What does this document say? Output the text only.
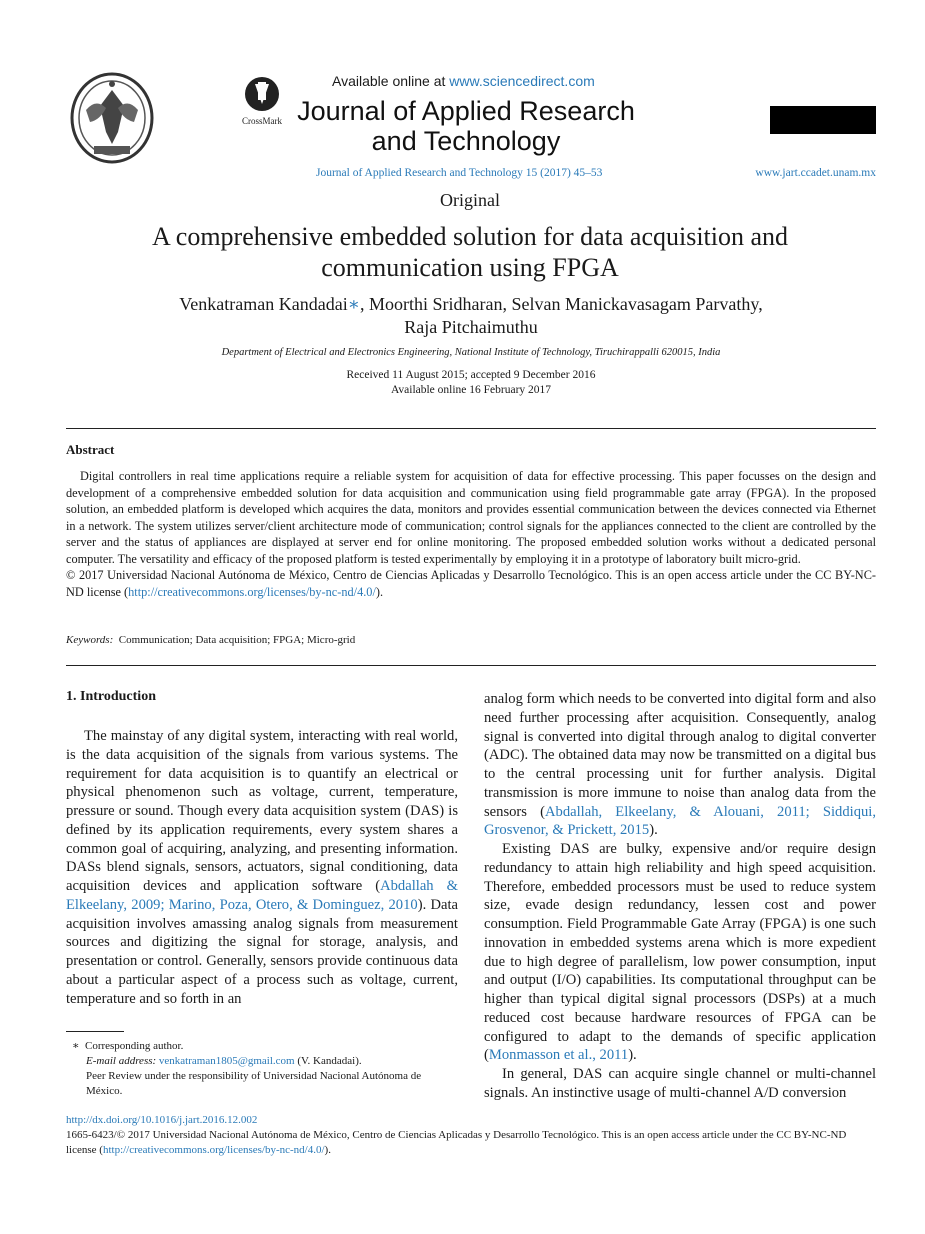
CrossMark
Available online at www.sciencedirect.com
Journal of Applied Research
and Technology
Journal of Applied Research and Technology 15 (2017) 45–53	www.jart.ccadet.unam.mx
Original
A comprehensive embedded solution for data acquisition and
communication using FPGA
Venkatraman Kandadai∗, Moorthi Sridharan, Selvan Manickavasagam Parvathy,
Raja Pitchaimuthu
Department of Electrical and Electronics Engineering, National Institute of Technology, Tiruchirappalli 620015, India
Received 11 August 2015; accepted 9 December 2016
Available online 16 February 2017
Abstract

Digital controllers in real time applications require a reliable system for acquisition of data for effective processing. This paper focusses on the design and development of a comprehensive embedded solution for data acquisition and communication using field programmable gate array (FPGA). In the proposed solution, an embedded platform is developed which acquires the data, monitors and provides essential communication between the devices connected via Ethernet in a network. The system utilizes server/client architecture mode of communication; control signals for the appliances connected to the client are controlled by the server and the status of appliances are displayed at server end for online monitoring. The proposed embedded solution works without a dedicated personal computer. The versatility and efficacy of the proposed platform is tested experimentally by employing it in a prototype of laboratory built micro-grid.

© 2017 Universidad Nacional Autónoma de México, Centro de Ciencias Aplicadas y Desarrollo Tecnológico. This is an open access article under the CC BY-NC-ND license (http://creativecommons.org/licenses/by-nc-nd/4.0/).

Keywords: Communication; Data acquisition; FPGA; Micro-grid
1. Introduction

The mainstay of any digital system, interacting with real world, is the data acquisition of the signals from various systems. The requirement for data acquisition is to quantify an electrical or physical phenomenon such as voltage, current, temperature, pressure or sound. Though every data acquisition system (DAS) is defined by its application requirements, every system shares a common goal of acquiring, analyzing, and presenting information. DASs blend signals, sensors, actuators, signal conditioning, data acquisition devices and application software (Abdallah & Elkeelany, 2009; Marino, Poza, Otero, & Dominguez, 2010). Data acquisition involves amassing analog signals from measurement sources and digitizing the signal for storage, analysis, and presentation or control. Generally, sensors provide continuous data about a particular aspect of a process such as voltage, current, temperature and so forth in an

analog form which needs to be converted into digital form and also need further processing after acquisition. Consequently, analog signal is converted into digital through analog to digital converter (ADC). The obtained data may now be transmitted on a digital bus to the central processing unit for further analysis. Digital transmission is more immune to noise than analog data from the sensors (Abdallah, Elkeelany, & Alouani, 2011; Siddiqui, Grosvenor, & Prickett, 2015).

Existing DAS are bulky, expensive and/or require design redundancy to attain high reliability and high speed acquisition. Therefore, embedded processors must be used to reduce system size, evade design redundancy, lessen cost and power consumption. Field Programmable Gate Array (FPGA) is one such innovation in embedded systems arena which is more expedient due to high degree of parallelism, low power consumption, input and output (I/O) capabilities. Its computational throughput can be higher than typical digital signal processors (DSPs) at a much reduced cost because hardware resources of FPGA can be configured to adapt to the demands of specific application (Monmasson et al., 2011).

In general, DAS can acquire single channel or multi-channel signals. An instinctive usage of multi-channel A/D conversion

∗ Corresponding author.
E-mail address: venkatraman1805@gmail.com (V. Kandadai).
Peer Review under the responsibility of Universidad Nacional Autónoma de México.
http://dx.doi.org/10.1016/j.jart.2016.12.002
1665-6423/© 2017 Universidad Nacional Autónoma de México, Centro de Ciencias Aplicadas y Desarrollo Tecnológico. This is an open access article under the CC BY-NC-ND license (http://creativecommons.org/licenses/by-nc-nd/4.0/).
